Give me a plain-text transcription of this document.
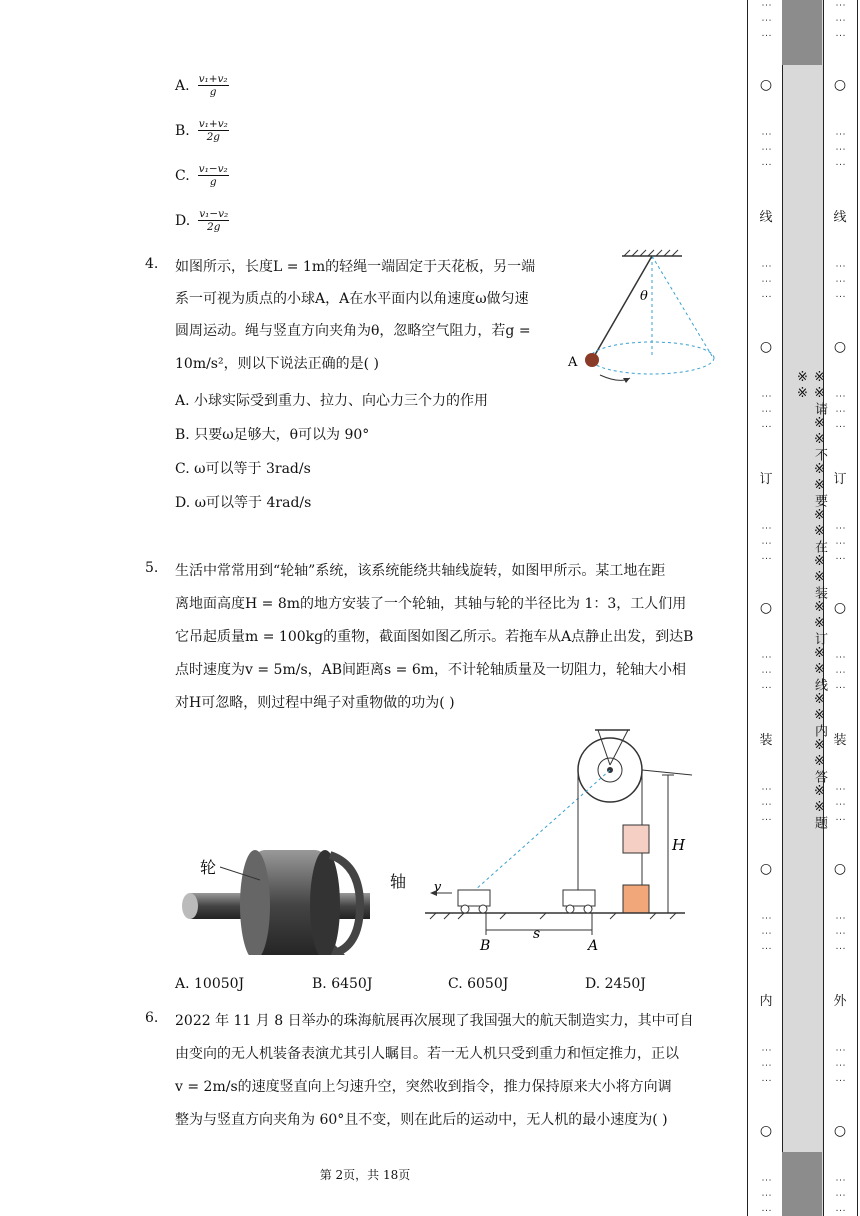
A. $\frac{\text{v₁+v₂}}{g}$
B. $\frac{\text{v₁+v₂}}{2g}$
C. $\frac{\text{v₁−v₂}}{g}$
D. $\frac{\text{v₁−v₂}}{2g}$
4. 如图所示，长度L = 1m的轻绳一端固定于天花板，另一端
系一可视为质点的小球A，A在水平面内以角速度ω做匀速
圆周运动。绳与竖直方向夹角为θ，忽略空气阻力，若g =
10m/s²，则以下说法正确的是( )
A. 小球实际受到重力、拉力、向心力三个力的作用
B. 只要ω足够大，θ可以为 90°
C. ω可以等于 3rad/s
D. ω可以等于 4rad/s
θ
A
5. 生活中常常用到“轮轴”系统，该系统能绕共轴线旋转，如图甲所示。某工地在距
离地面高度H = 8m的地方安装了一个轮轴，其轴与轮的半径比为 1：3，工人们用
它吊起质量m = 100kg的重物，截面图如图乙所示。若拖车从A点静止出发，到达B
点时速度为v = 5m/s，AB间距离s = 6m，不计轮轴质量及一切阻力，轮轴大小相
对H可忽略，则过程中绳子对重物做的功为( )
轮
轴
H
v
s
B	A
A. 10050J	B. 6450J	C. 6050J	D. 2450J
6. 2022 年 11 月 8 日举办的珠海航展再次展现了我国强大的航天制造实力，其中可自
由变向的无人机装备表演尤其引人瞩目。若一无人机只受到重力和恒定推力，正以
v = 2m/s的速度竖直向上匀速升空，突然收到指令，推力保持原来大小将方向调
整为与竖直方向夹角为 60°且不变，则在此后的运动中，无人机的最小速度为( )
第 2页，共 18页
※※请※※不※※要※※在※※装※※订※※线※※内※※答※※题※※
⋮ ⋮ ⋮
○
⋮ ⋮ ⋮
线
⋮ ⋮ ⋮
○
⋮ ⋮ ⋮
订
⋮ ⋮ ⋮
○
⋮ ⋮ ⋮
装
⋮ ⋮ ⋮
○
⋮ ⋮ ⋮
内
⋮ ⋮ ⋮
○
⋮ ⋮ ⋮
⋮ ⋮ ⋮
○
⋮ ⋮ ⋮
线
⋮ ⋮ ⋮
○
⋮ ⋮ ⋮
订
⋮ ⋮ ⋮
○
⋮ ⋮ ⋮
装
⋮ ⋮ ⋮
○
⋮ ⋮ ⋮
外
⋮ ⋮ ⋮
○
⋮ ⋮ ⋮
